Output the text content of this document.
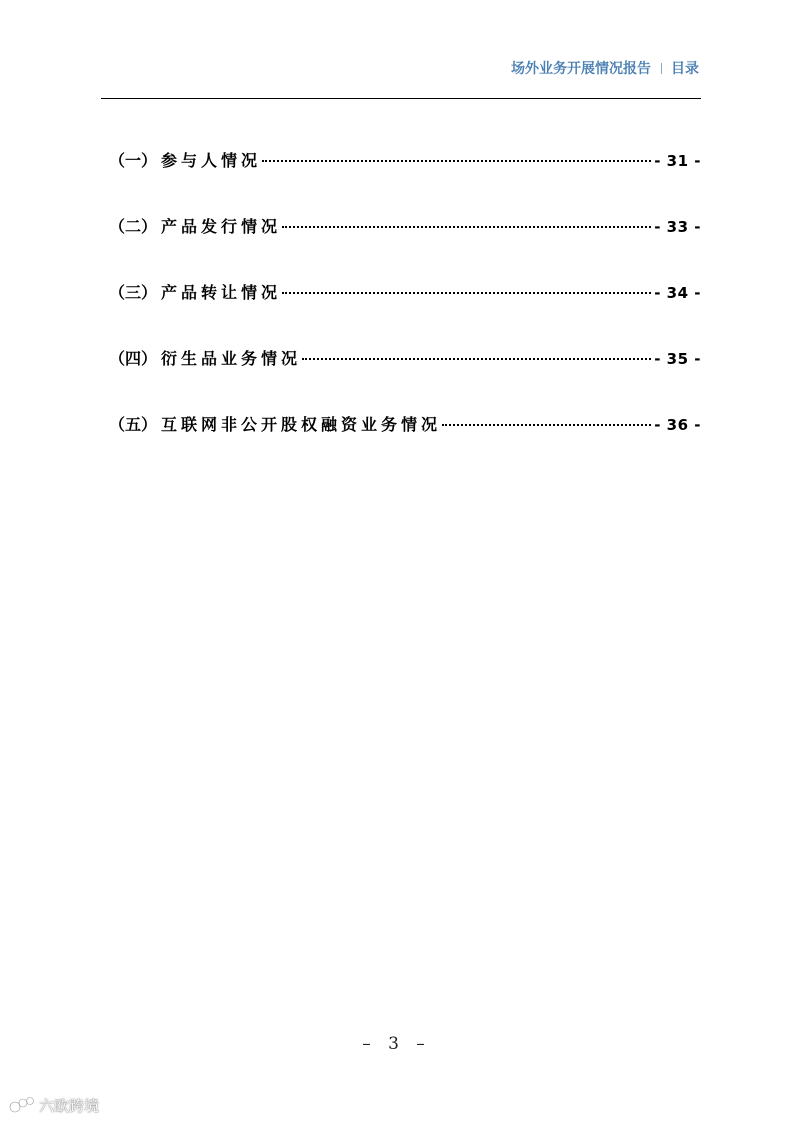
场外业务开展情况报告 目录
（一） 参与人情况	- 31 -
（二） 产品发行情况	- 33 -
（三） 产品转让情况	- 34 -
（四） 衍生品业务情况	- 35 -
（五） 互联网非公开股权融资业务情况	- 36 -
– 3 –
六欧跨境
